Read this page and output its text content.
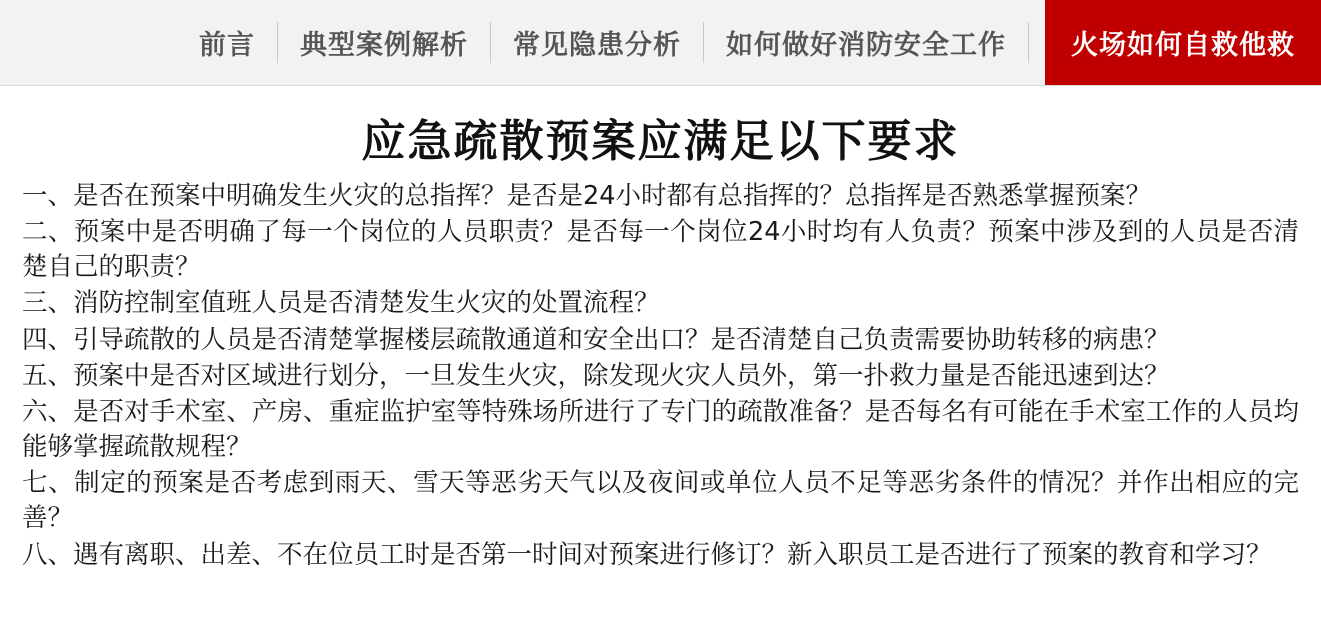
前言 典型案例解析 常见隐患分析 如何做好消防安全工作 火场如何自救他救
应急疏散预案应满足以下要求
一、是否在预案中明确发生火灾的总指挥？是否是24小时都有总指挥的？总指挥是否熟悉掌握预案？
二、预案中是否明确了每一个岗位的人员职责？是否每一个岗位24小时均有人负责？预案中涉及到的人员是否清楚自己的职责？
三、消防控制室值班人员是否清楚发生火灾的处置流程？
四、引导疏散的人员是否清楚掌握楼层疏散通道和安全出口？是否清楚自己负责需要协助转移的病患？
五、预案中是否对区域进行划分，一旦发生火灾，除发现火灾人员外，第一扑救力量是否能迅速到达？
六、是否对手术室、产房、重症监护室等特殊场所进行了专门的疏散准备？是否每名有可能在手术室工作的人员均能够掌握疏散规程？
七、制定的预案是否考虑到雨天、雪天等恶劣天气以及夜间或单位人员不足等恶劣条件的情况？并作出相应的完善？
八、遇有离职、出差、不在位员工时是否第一时间对预案进行修订？新入职员工是否进行了预案的教育和学习？
